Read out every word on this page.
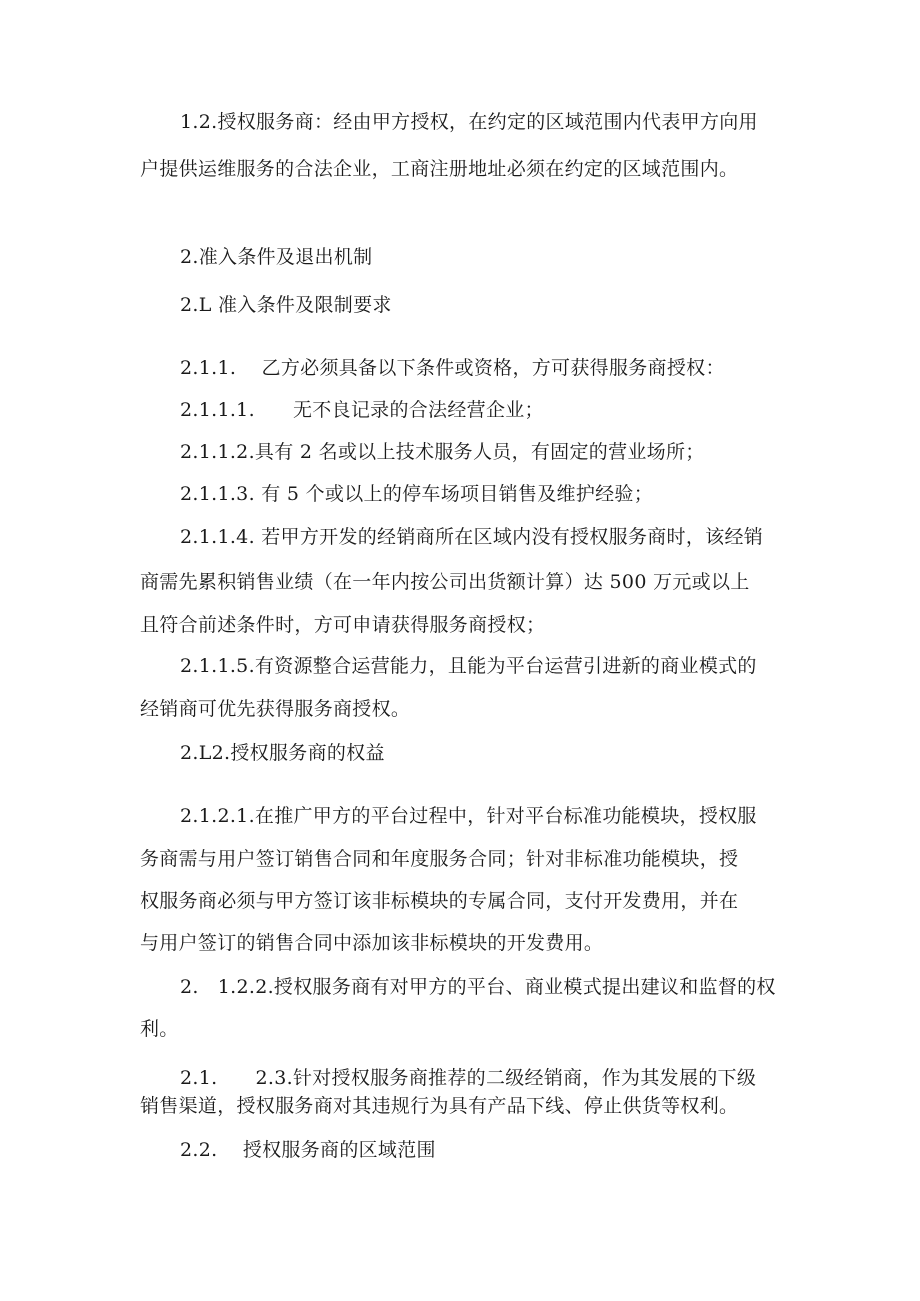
1.2.授权服务商：经由甲方授权，在约定的区域范围内代表甲方向用
户提供运维服务的合法企业，工商注册地址必须在约定的区域范围内。
2.准入条件及退出机制
2.L 准入条件及限制要求
2.1.1.    乙方必须具备以下条件或资格，方可获得服务商授权：
2.1.1.1.      无不良记录的合法经营企业；
2.1.1.2.具有 2 名或以上技术服务人员，有固定的营业场所；
2.1.1.3. 有 5 个或以上的停车场项目销售及维护经验；
2.1.1.4. 若甲方开发的经销商所在区域内没有授权服务商时，该经销
商需先累积销售业绩（在一年内按公司出货额计算）达 500 万元或以上
且符合前述条件时，方可申请获得服务商授权；
2.1.1.5.有资源整合运营能力，且能为平台运营引进新的商业模式的
经销商可优先获得服务商授权。
2.L2.授权服务商的权益
2.1.2.1.在推广甲方的平台过程中，针对平台标准功能模块，授权服
务商需与用户签订销售合同和年度服务合同；针对非标准功能模块，授
权服务商必须与甲方签订该非标模块的专属合同，支付开发费用，并在
与用户签订的销售合同中添加该非标模块的开发费用。
2.   1.2.2.授权服务商有对甲方的平台、商业模式提出建议和监督的权
利。
2.1.      2.3.针对授权服务商推荐的二级经销商，作为其发展的下级
销售渠道，授权服务商对其违规行为具有产品下线、停止供货等权利。
2.2.    授权服务商的区域范围
